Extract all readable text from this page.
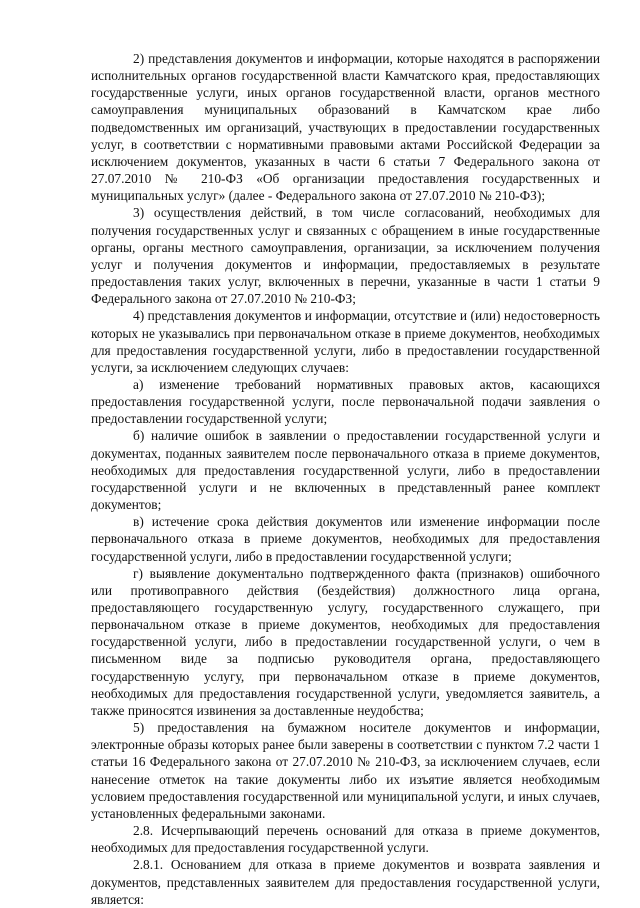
2) представления документов и информации, которые находятся в распоряжении исполнительных органов государственной власти Камчатского края, предоставляющих государственные услуги, иных органов государственной власти, органов местного самоуправления муниципальных образований в Камчатском крае либо подведомственных им организаций, участвующих в предоставлении государственных услуг, в соответствии с нормативными правовыми актами Российской Федерации за исключением документов, указанных в части 6 статьи 7 Федерального закона от 27.07.2010 № 210-ФЗ «Об организации предоставления государственных и муниципальных услуг» (далее - Федерального закона от 27.07.2010 № 210-ФЗ);

3) осуществления действий, в том числе согласований, необходимых для получения государственных услуг и связанных с обращением в иные государственные органы, органы местного самоуправления, организации, за исключением получения услуг и получения документов и информации, предоставляемых в результате предоставления таких услуг, включенных в перечни, указанные в части 1 статьи 9 Федерального закона от 27.07.2010 № 210-ФЗ;

4) представления документов и информации, отсутствие и (или) недостоверность которых не указывались при первоначальном отказе в приеме документов, необходимых для предоставления государственной услуги, либо в предоставлении государственной услуги, за исключением следующих случаев:

а) изменение требований нормативных правовых актов, касающихся предоставления государственной услуги, после первоначальной подачи заявления о предоставлении государственной услуги;

б) наличие ошибок в заявлении о предоставлении государственной услуги и документах, поданных заявителем после первоначального отказа в приеме документов, необходимых для предоставления государственной услуги, либо в предоставлении государственной услуги и не включенных в представленный ранее комплект документов;

в) истечение срока действия документов или изменение информации после первоначального отказа в приеме документов, необходимых для предоставления государственной услуги, либо в предоставлении государственной услуги;

г) выявление документально подтвержденного факта (признаков) ошибочного или противоправного действия (бездействия) должностного лица органа, предоставляющего государственную услугу, государственного служащего, при первоначальном отказе в приеме документов, необходимых для предоставления государственной услуги, либо в предоставлении государственной услуги, о чем в письменном виде за подписью руководителя органа, предоставляющего государственную услугу, при первоначальном отказе в приеме документов, необходимых для предоставления государственной услуги, уведомляется заявитель, а также приносятся извинения за доставленные неудобства;

5) предоставления на бумажном носителе документов и информации, электронные образы которых ранее были заверены в соответствии с пунктом 7.2 части 1 статьи 16 Федерального закона от 27.07.2010 № 210-ФЗ, за исключением случаев, если нанесение отметок на такие документы либо их изъятие является необходимым условием предоставления государственной или муниципальной услуги, и иных случаев, установленных федеральными законами.

2.8. Исчерпывающий перечень оснований для отказа в приеме документов, необходимых для предоставления государственной услуги.

2.8.1. Основанием для отказа в приеме документов и возврата заявления и документов, представленных заявителем для предоставления государственной услуги, является:
